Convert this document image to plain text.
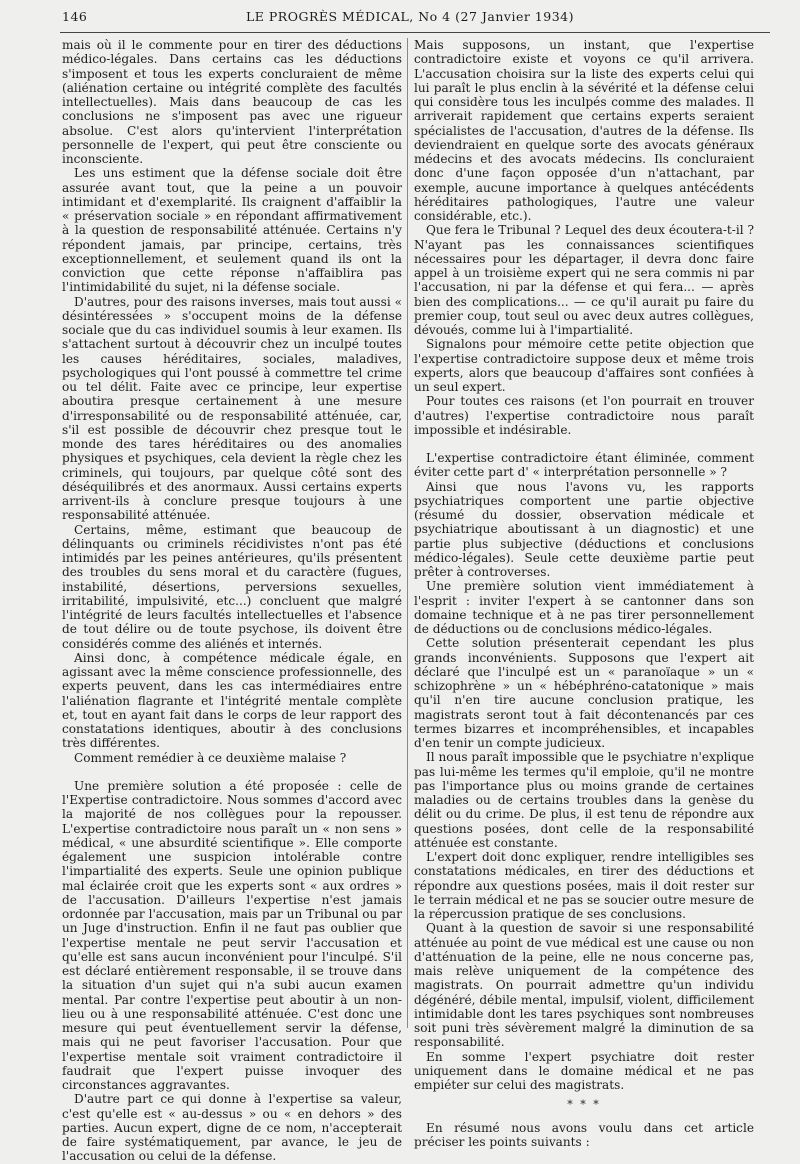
146	LE PROGRÈS MÉDICAL, No 4 (27 Janvier 1934)

mais où il le commente pour en tirer des déductions médico-légales. Dans certains cas les déductions s'imposent et tous les experts concluraient de même (aliénation certaine ou intégrité complète des facultés intellectuelles). Mais dans beaucoup de cas les conclusions ne s'imposent pas avec une rigueur absolue. C'est alors qu'intervient l'interprétation personnelle de l'expert, qui peut être consciente ou inconsciente.

Les uns estiment que la défense sociale doit être assurée avant tout, que la peine a un pouvoir intimidant et d'exemplarité. Ils craignent d'affaiblir la « préservation sociale » en répondant affirmativement à la question de responsabilité atténuée. Certains n'y répondent jamais, par principe, certains, très exceptionnellement, et seulement quand ils ont la conviction que cette réponse n'affaiblira pas l'intimidabilité du sujet, ni la défense sociale.

D'autres, pour des raisons inverses, mais tout aussi « désintéressées » s'occupent moins de la défense sociale que du cas individuel soumis à leur examen. Ils s'attachent surtout à découvrir chez un inculpé toutes les causes héréditaires, sociales, maladives, psychologiques qui l'ont poussé à commettre tel crime ou tel délit. Faite avec ce principe, leur expertise aboutira presque certainement à une mesure d'irresponsabilité ou de responsabilité atténuée, car, s'il est possible de découvrir chez presque tout le monde des tares héréditaires ou des anomalies physiques et psychiques, cela devient la règle chez les criminels, qui toujours, par quelque côté sont des déséquilibrés et des anormaux. Aussi certains experts arrivent-ils à conclure presque toujours à une responsabilité atténuée.

Certains, même, estimant que beaucoup de délinquants ou criminels récidivistes n'ont pas été intimidés par les peines antérieures, qu'ils présentent des troubles du sens moral et du caractère (fugues, instabilité, désertions, perversions sexuelles, irritabilité, impulsivité, etc...) concluent que malgré l'intégrité de leurs facultés intellectuelles et l'absence de tout délire ou de toute psychose, ils doivent être considérés comme des aliénés et internés.

Ainsi donc, à compétence médicale égale, en agissant avec la même conscience professionnelle, des experts peuvent, dans les cas intermédiaires entre l'aliénation flagrante et l'intégrité mentale complète et, tout en ayant fait dans le corps de leur rapport des constatations identiques, aboutir à des conclusions très différentes.

Comment remédier à ce deuxième malaise ?

Une première solution a été proposée : celle de l'Expertise contradictoire. Nous sommes d'accord avec la majorité de nos collègues pour la repousser. L'expertise contradictoire nous paraît un « non sens » médical, « une absurdité scientifique ». Elle comporte également une suspicion intolérable contre l'impartialité des experts. Seule une opinion publique mal éclairée croit que les experts sont « aux ordres » de l'accusation. D'ailleurs l'expertise n'est jamais ordonnée par l'accusation, mais par un Tribunal ou par un Juge d'instruction. Enfin il ne faut pas oublier que l'expertise mentale ne peut servir l'accusation et qu'elle est sans aucun inconvénient pour l'inculpé. S'il est déclaré entièrement responsable, il se trouve dans la situation d'un sujet qui n'a subi aucun examen mental. Par contre l'expertise peut aboutir à un non-lieu ou à une responsabilité atténuée. C'est donc une mesure qui peut éventuellement servir la défense, mais qui ne peut favoriser l'accusation. Pour que l'expertise mentale soit vraiment contradictoire il faudrait que l'expert puisse invoquer des circonstances aggravantes.

D'autre part ce qui donne à l'expertise sa valeur, c'est qu'elle est « au-dessus » ou « en dehors » des parties. Aucun expert, digne de ce nom, n'accepterait de faire systématiquement, par avance, le jeu de l'accusation ou celui de la défense.

Mais supposons, un instant, que l'expertise contradictoire existe et voyons ce qu'il arrivera. L'accusation choisira sur la liste des experts celui qui lui paraît le plus enclin à la sévérité et la défense celui qui considère tous les inculpés comme des malades. Il arriverait rapidement que certains experts seraient spécialistes de l'accusation, d'autres de la défense. Ils deviendraient en quelque sorte des avocats généraux médecins et des avocats médecins. Ils concluraient donc d'une façon opposée d'un n'attachant, par exemple, aucune importance à quelques antécédents héréditaires pathologiques, l'autre une valeur considérable, etc.).

Que fera le Tribunal ? Lequel des deux écoutera-t-il ? N'ayant pas les connaissances scientifiques nécessaires pour les départager, il devra donc faire appel à un troisième expert qui ne sera commis ni par l'accusation, ni par la défense et qui fera... — après bien des complications... — ce qu'il aurait pu faire du premier coup, tout seul ou avec deux autres collègues, dévoués, comme lui à l'impartialité.

Signalons pour mémoire cette petite objection que l'expertise contradictoire suppose deux et même trois experts, alors que beaucoup d'affaires sont confiées à un seul expert.

Pour toutes ces raisons (et l'on pourrait en trouver d'autres) l'expertise contradictoire nous paraît impossible et indésirable.

L'expertise contradictoire étant éliminée, comment éviter cette part d' « interprétation personnelle » ?

Ainsi que nous l'avons vu, les rapports psychiatriques comportent une partie objective (résumé du dossier, observation médicale et psychiatrique aboutissant à un diagnostic) et une partie plus subjective (déductions et conclusions médico-légales). Seule cette deuxième partie peut prêter à controverses.

Une première solution vient immédiatement à l'esprit : inviter l'expert à se cantonner dans son domaine technique et à ne pas tirer personnellement de déductions ou de conclusions médico-légales.

Cette solution présenterait cependant les plus grands inconvénients. Supposons que l'expert ait déclaré que l'inculpé est un « paranoïaque » un « schizophrène » un « hébéphréno-catatonique » mais qu'il n'en tire aucune conclusion pratique, les magistrats seront tout à fait décontenancés par ces termes bizarres et incompréhensibles, et incapables d'en tenir un compte judicieux.

Il nous paraît impossible que le psychiatre n'explique pas lui-même les termes qu'il emploie, qu'il ne montre pas l'importance plus ou moins grande de certaines maladies ou de certains troubles dans la genèse du délit ou du crime. De plus, il est tenu de répondre aux questions posées, dont celle de la responsabilité atténuée est constante.

L'expert doit donc expliquer, rendre intelligibles ses constatations médicales, en tirer des déductions et répondre aux questions posées, mais il doit rester sur le terrain médical et ne pas se soucier outre mesure de la répercussion pratique de ses conclusions.

Quant à la question de savoir si une responsabilité atténuée au point de vue médical est une cause ou non d'atténuation de la peine, elle ne nous concerne pas, mais relève uniquement de la compétence des magistrats. On pourrait admettre qu'un individu dégénéré, débile mental, impulsif, violent, difficilement intimidable dont les tares psychiques sont nombreuses soit puni très sévèrement malgré la diminution de sa responsabilité.

En somme l'expert psychiatre doit rester uniquement dans le domaine médical et ne pas empiéter sur celui des magistrats.

* * *

En résumé nous avons voulu dans cet article préciser les points suivants :
